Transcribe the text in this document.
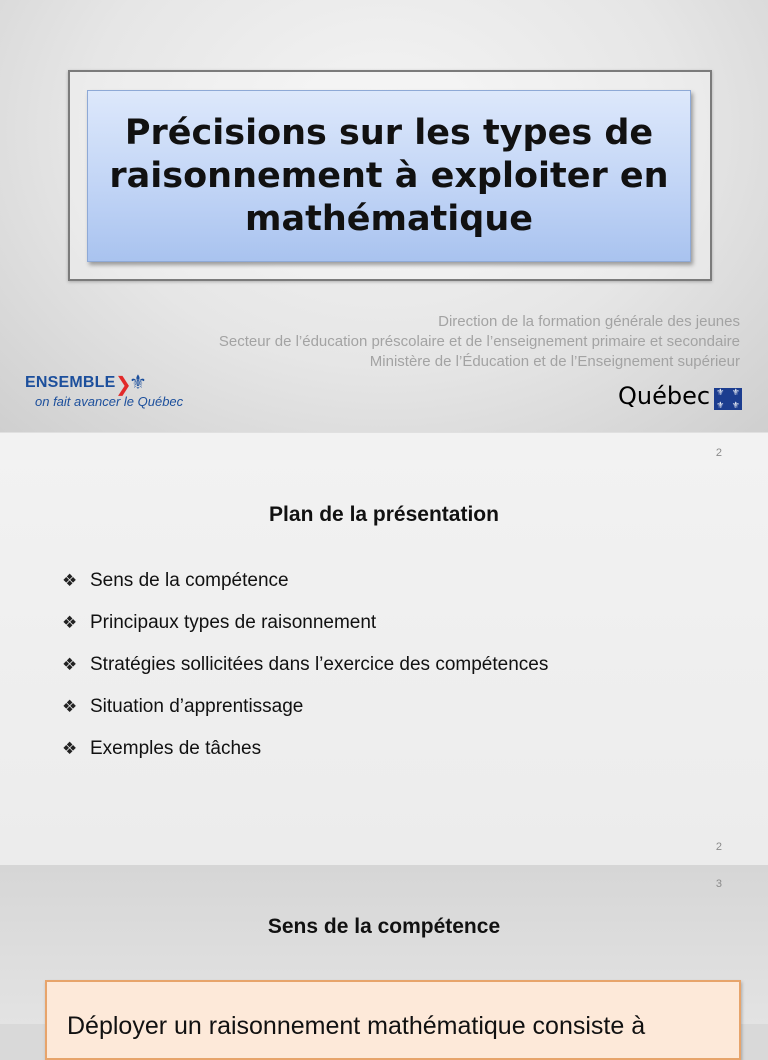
Précisions sur les types de raisonnement à exploiter en mathématique
Direction de la formation générale des jeunes
Secteur de l’éducation préscolaire et de l’enseignement primaire et secondaire
Ministère de l’Éducation et de l’Enseignement supérieur
ENSEMBLE ❯
⚜
on fait avancer le Québec	Québec ⚜ ⚜
⚜ ⚜
2
Plan de la présentation
❖ Sens de la compétence
❖ Principaux types de raisonnement
❖ Stratégies sollicitées dans l’exercice des compétences
❖ Situation d’apprentissage
❖ Exemples de tâches
2
3
Sens de la compétence

Déployer un raisonnement mathématique consiste à
